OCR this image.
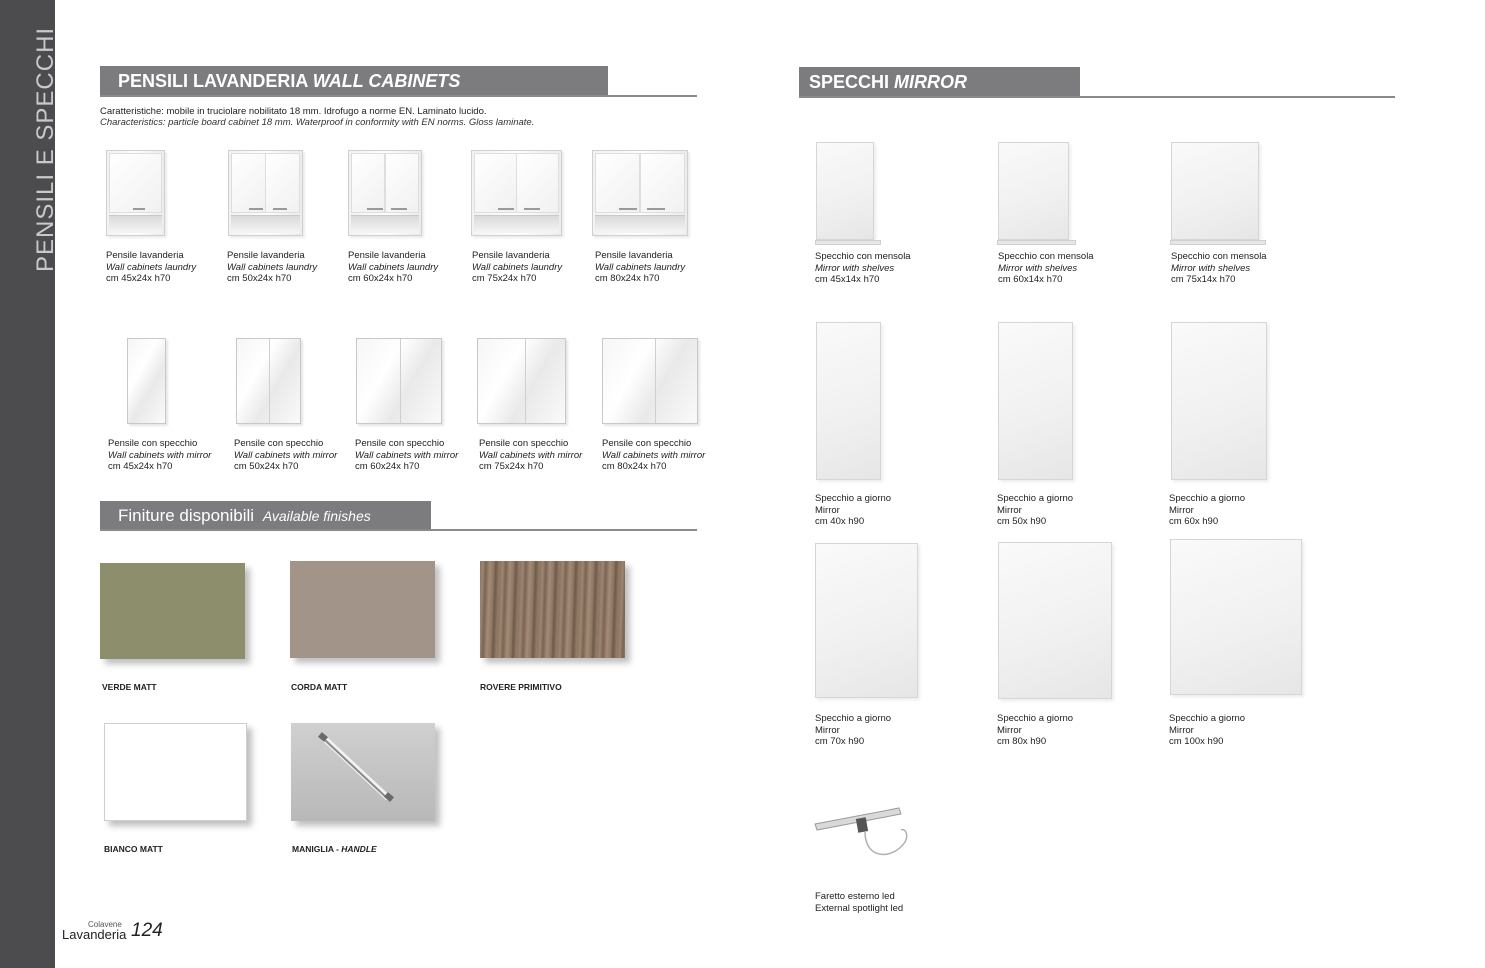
PENSILI E SPECCHI	PENSILI LAVANDERIA WALL CABINETS
Caratteristiche: mobile in truciolare nobilitato 18 mm. Idrofugo a norme EN. Laminato lucido.
Characteristics: particle board cabinet 18 mm. Waterproof in conformity with EN norms. Gloss laminate.
Pensile lavanderia
Wall cabinets laundry
cm 45x24x h70
Pensile lavanderia
Wall cabinets laundry
cm 50x24x h70
Pensile lavanderia
Wall cabinets laundry
cm 60x24x h70
Pensile lavanderia
Wall cabinets laundry
cm 75x24x h70
Pensile lavanderia
Wall cabinets laundry
cm 80x24x h70
Pensile con specchio
Wall cabinets with mirror
cm 45x24x h70
Pensile con specchio
Wall cabinets with mirror
cm 50x24x h70
Pensile con specchio
Wall cabinets with mirror
cm 60x24x h70
Pensile con specchio
Wall cabinets with mirror
cm 75x24x h70
Pensile con specchio
Wall cabinets with mirror
cm 80x24x h70
Finiture disponibili Available finishes
VERDE MATT	CORDA MATT	ROVERE PRIMITIVO
BIANCO MATT	MANIGLIA - HANDLE
SPECCHI MIRROR
Specchio con mensola
Mirror with shelves
cm 45x14x h70
Specchio con mensola
Mirror with shelves
cm 60x14x h70
Specchio con mensola
Mirror with shelves
cm 75x14x h70
Specchio a giorno
Mirror
cm 40x h90
Specchio a giorno
Mirror
cm 50x h90
Specchio a giorno
Mirror
cm 60x h90
Specchio a giorno
Mirror
cm 70x h90
Specchio a giorno
Mirror
cm 80x h90
Specchio a giorno
Mirror
cm 100x h90
Faretto esterno led
External spotlight led
Colavene
Lavanderia 124
